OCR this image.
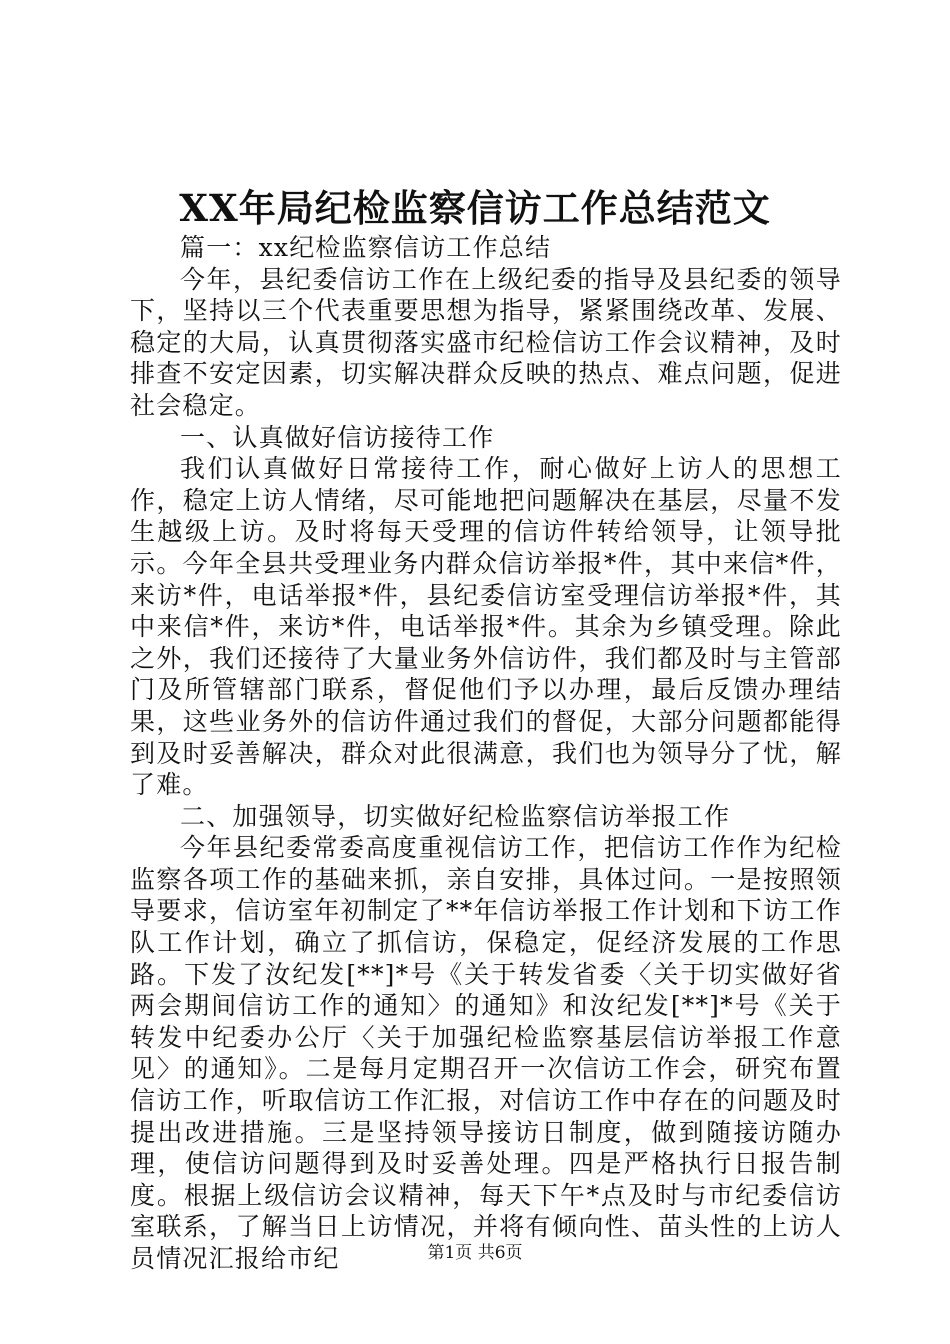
XX年局纪检监察信访工作总结范文

篇一：xx纪检监察信访工作总结

今年，县纪委信访工作在上级纪委的指导及县纪委的领导下，坚持以三个代表重要思想为指导，紧紧围绕改革、发展、稳定的大局，认真贯彻落实盛市纪检信访工作会议精神，及时排查不安定因素，切实解决群众反映的热点、难点问题，促进社会稳定。

一、认真做好信访接待工作

我们认真做好日常接待工作，耐心做好上访人的思想工作，稳定上访人情绪，尽可能地把问题解决在基层，尽量不发生越级上访。及时将每天受理的信访件转给领导，让领导批示。今年全县共受理业务内群众信访举报*件，其中来信*件，来访*件，电话举报*件，县纪委信访室受理信访举报*件，其中来信*件，来访*件，电话举报*件。其余为乡镇受理。除此之外，我们还接待了大量业务外信访件，我们都及时与主管部门及所管辖部门联系，督促他们予以办理，最后反馈办理结果，这些业务外的信访件通过我们的督促，大部分问题都能得到及时妥善解决，群众对此很满意，我们也为领导分了忧，解了难。

二、加强领导，切实做好纪检监察信访举报工作

今年县纪委常委高度重视信访工作，把信访工作作为纪检监察各项工作的基础来抓，亲自安排，具体过问。一是按照领导要求，信访室年初制定了**年信访举报工作计划和下访工作队工作计划，确立了抓信访，保稳定，促经济发展的工作思路。下发了汝纪发[**]*号《关于转发省委〈关于切实做好省两会期间信访工作的通知〉的通知》和汝纪发[**]*号《关于转发中纪委办公厅〈关于加强纪检监察基层信访举报工作意见〉的通知》。二是每月定期召开一次信访工作会，研究布置信访工作，听取信访工作汇报，对信访工作中存在的问题及时提出改进措施。三是坚持领导接访日制度，做到随接访随办理，使信访问题得到及时妥善处理。四是严格执行日报告制度。根据上级信访会议精神，每天下午*点及时与市纪委信访室联系，了解当日上访情况，并将有倾向性、苗头性的上访人员情况汇报给市纪	第1页 共6页
